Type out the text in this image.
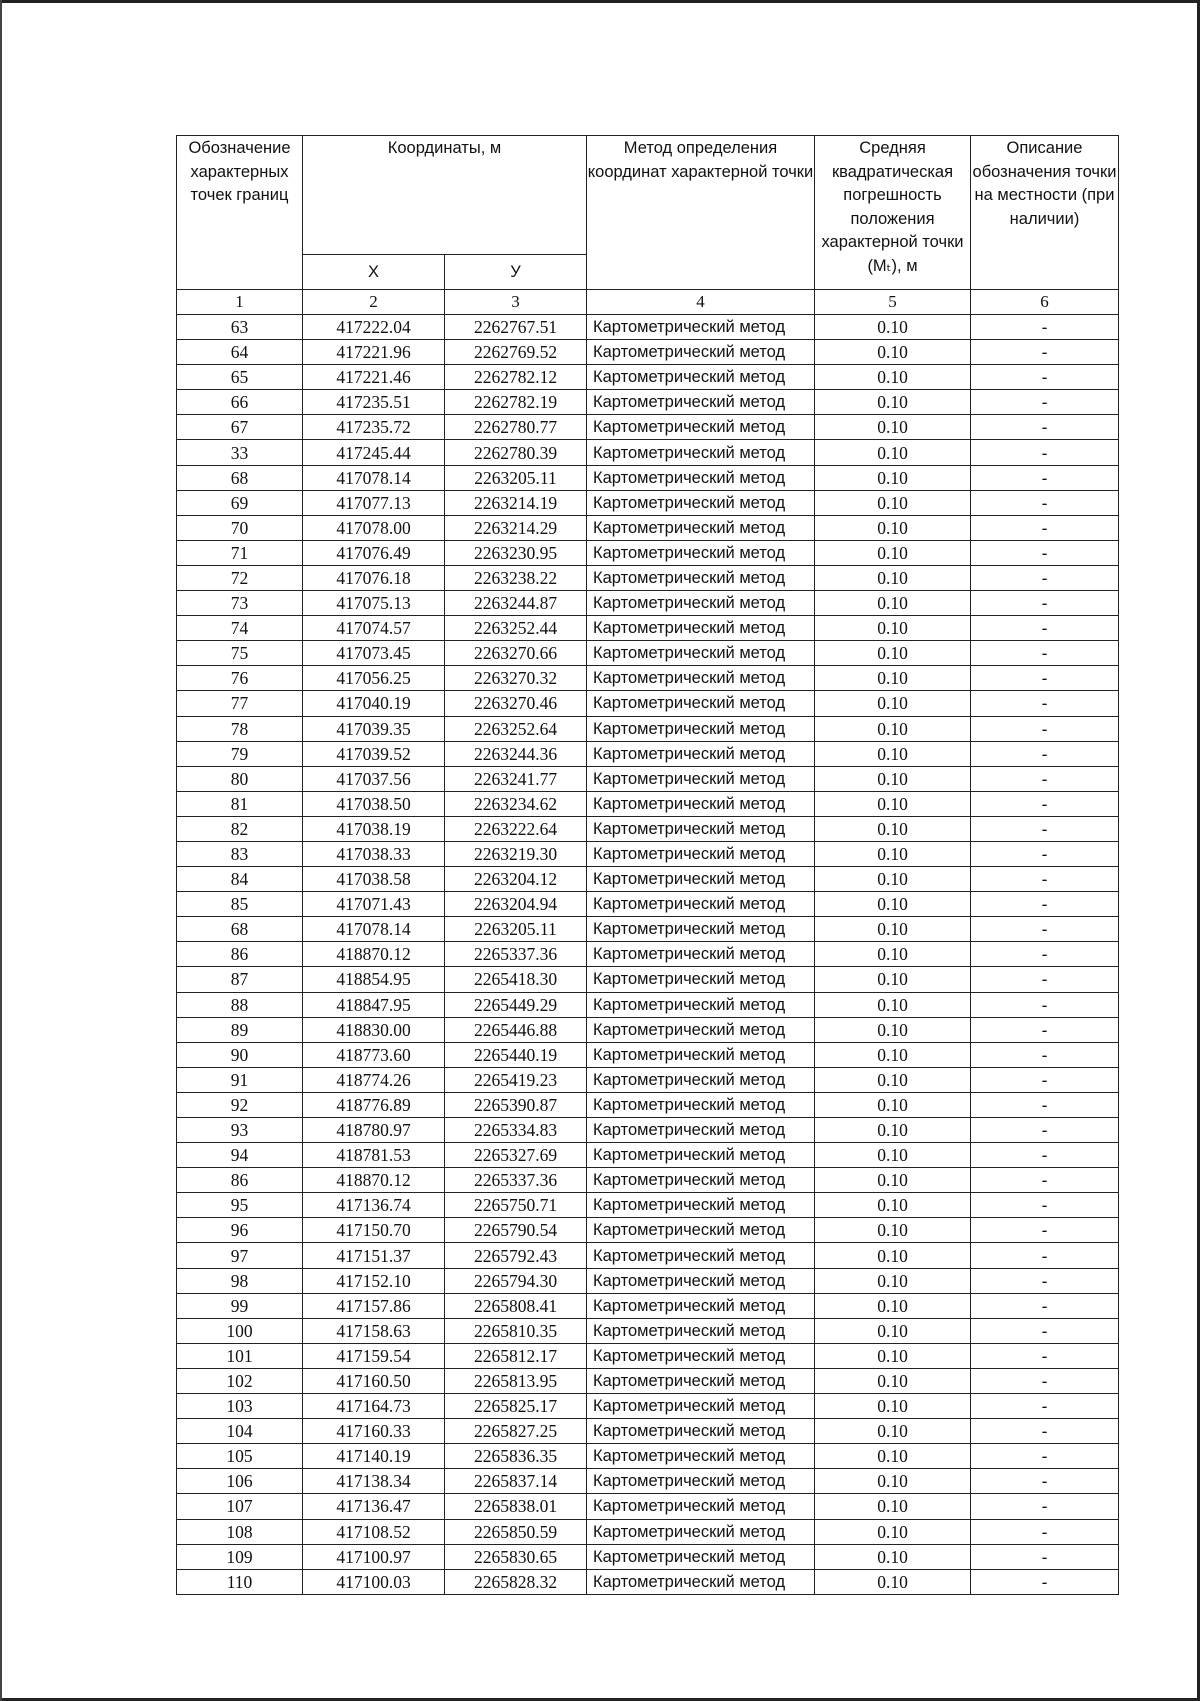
Обозначение характерных точек границ	Координаты, м		Метод определения координат характерной точки	Средняя квадратическая погрешность положения характерной точки (Mₜ), м	Описание обозначения точки на местности (при наличии)
	X	У			
1	2	3	4	5	6
63	417222.04	2262767.51	Картометрический метод	0.10	-
64	417221.96	2262769.52	Картометрический метод	0.10	-
65	417221.46	2262782.12	Картометрический метод	0.10	-
66	417235.51	2262782.19	Картометрический метод	0.10	-
67	417235.72	2262780.77	Картометрический метод	0.10	-
33	417245.44	2262780.39	Картометрический метод	0.10	-
68	417078.14	2263205.11	Картометрический метод	0.10	-
69	417077.13	2263214.19	Картометрический метод	0.10	-
70	417078.00	2263214.29	Картометрический метод	0.10	-
71	417076.49	2263230.95	Картометрический метод	0.10	-
72	417076.18	2263238.22	Картометрический метод	0.10	-
73	417075.13	2263244.87	Картометрический метод	0.10	-
74	417074.57	2263252.44	Картометрический метод	0.10	-
75	417073.45	2263270.66	Картометрический метод	0.10	-
76	417056.25	2263270.32	Картометрический метод	0.10	-
77	417040.19	2263270.46	Картометрический метод	0.10	-
78	417039.35	2263252.64	Картометрический метод	0.10	-
79	417039.52	2263244.36	Картометрический метод	0.10	-
80	417037.56	2263241.77	Картометрический метод	0.10	-
81	417038.50	2263234.62	Картометрический метод	0.10	-
82	417038.19	2263222.64	Картометрический метод	0.10	-
83	417038.33	2263219.30	Картометрический метод	0.10	-
84	417038.58	2263204.12	Картометрический метод	0.10	-
85	417071.43	2263204.94	Картометрический метод	0.10	-
68	417078.14	2263205.11	Картометрический метод	0.10	-
86	418870.12	2265337.36	Картометрический метод	0.10	-
87	418854.95	2265418.30	Картометрический метод	0.10	-
88	418847.95	2265449.29	Картометрический метод	0.10	-
89	418830.00	2265446.88	Картометрический метод	0.10	-
90	418773.60	2265440.19	Картометрический метод	0.10	-
91	418774.26	2265419.23	Картометрический метод	0.10	-
92	418776.89	2265390.87	Картометрический метод	0.10	-
93	418780.97	2265334.83	Картометрический метод	0.10	-
94	418781.53	2265327.69	Картометрический метод	0.10	-
86	418870.12	2265337.36	Картометрический метод	0.10	-
95	417136.74	2265750.71	Картометрический метод	0.10	-
96	417150.70	2265790.54	Картометрический метод	0.10	-
97	417151.37	2265792.43	Картометрический метод	0.10	-
98	417152.10	2265794.30	Картометрический метод	0.10	-
99	417157.86	2265808.41	Картометрический метод	0.10	-
100	417158.63	2265810.35	Картометрический метод	0.10	-
101	417159.54	2265812.17	Картометрический метод	0.10	-
102	417160.50	2265813.95	Картометрический метод	0.10	-
103	417164.73	2265825.17	Картометрический метод	0.10	-
104	417160.33	2265827.25	Картометрический метод	0.10	-
105	417140.19	2265836.35	Картометрический метод	0.10	-
106	417138.34	2265837.14	Картометрический метод	0.10	-
107	417136.47	2265838.01	Картометрический метод	0.10	-
108	417108.52	2265850.59	Картометрический метод	0.10	-
109	417100.97	2265830.65	Картометрический метод	0.10	-
110	417100.03	2265828.32	Картометрический метод	0.10	-
